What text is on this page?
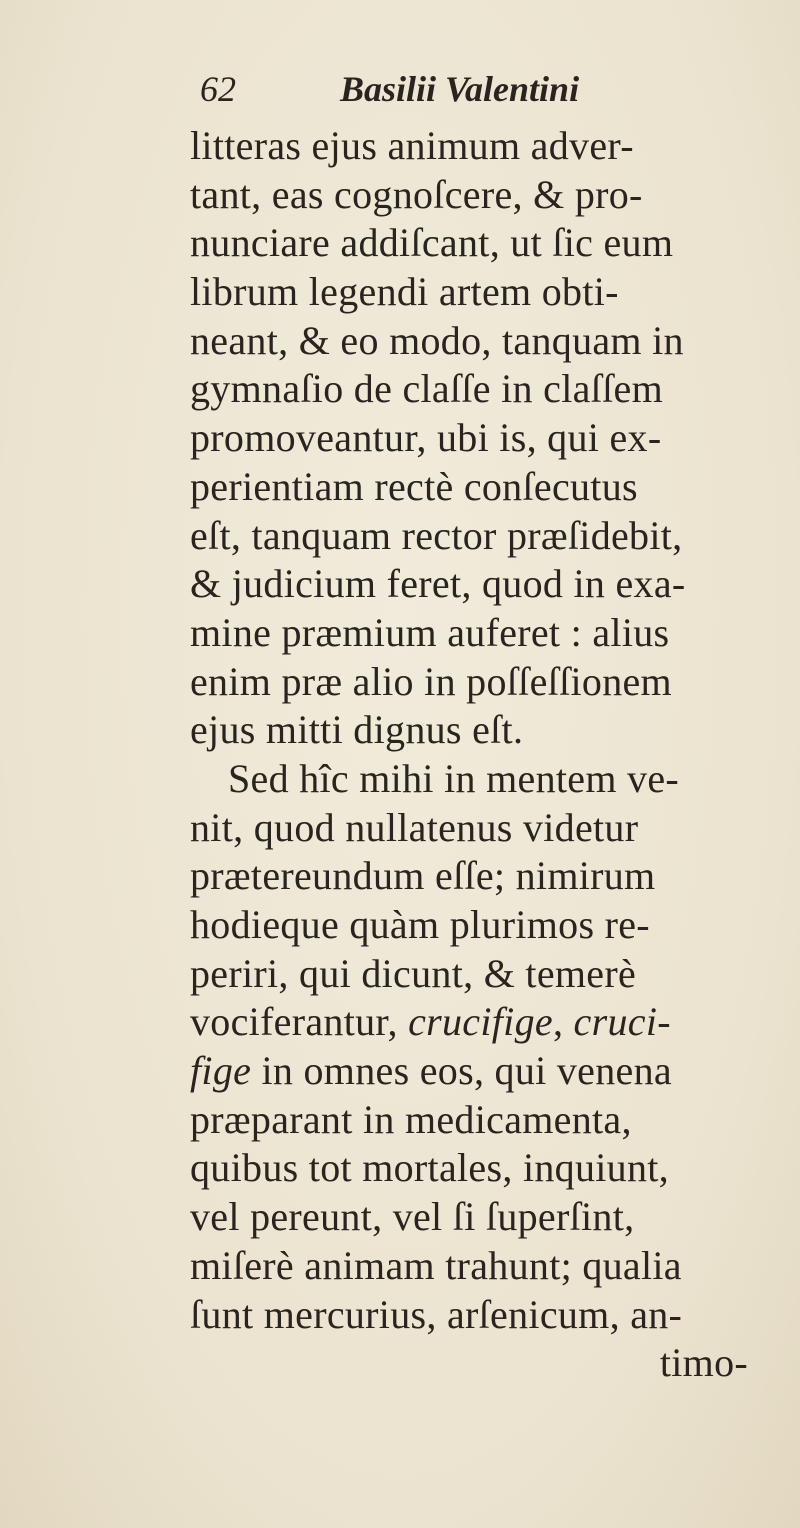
62	Basilii Valentini
litteras ejus animum adver-
tant, eas cognoſcere, & pro-
nunciare addiſcant, ut ſic eum
librum legendi artem obti-
neant, & eo modo, tanquam in
gymnaſio de claſſe in claſſem
promoveantur, ubi is, qui ex-
perientiam rectè conſecutus
eſt, tanquam rector præſidebit,
& judicium feret, quod in exa-
mine præmium auferet : alius
enim præ alio in poſſeſſionem
ejus mitti dignus eſt.
Sed hîc mihi in mentem ve-
nit, quod nullatenus videtur
prætereundum eſſe; nimirum
hodieque quàm plurimos re-
periri, qui dicunt, & temerè
vociferantur, crucifige, cruci-
fige in omnes eos, qui venena
præparant in medicamenta,
quibus tot mortales, inquiunt,
vel pereunt, vel ſi ſuperſint,
miſerè animam trahunt; qualia
ſunt mercurius, arſenicum, an-
timo-
